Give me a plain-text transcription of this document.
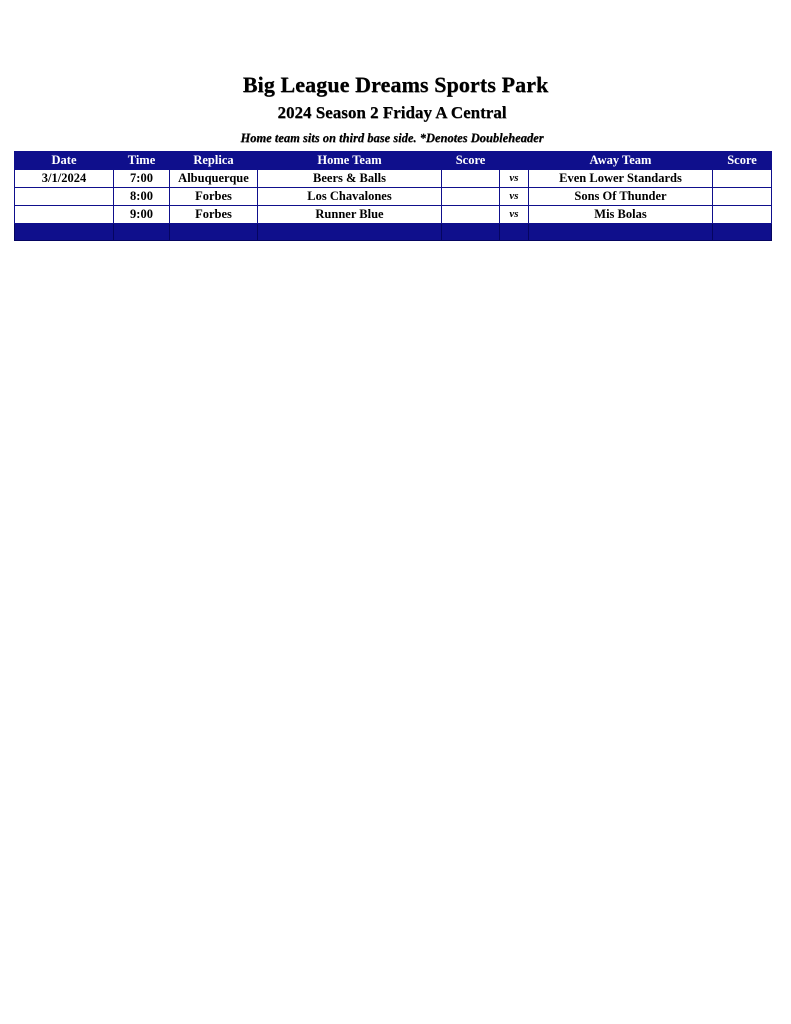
Big League Dreams Sports Park
2024 Season 2 Friday A Central
Home team sits on third base side. *Denotes Doubleheader
Date	Time	Replica	Home Team	Score		Away Team	Score
3/1/2024	7:00	Albuquerque	Beers & Balls		vs	Even Lower Standards	
	8:00	Forbes	Los Chavalones		vs	Sons Of Thunder	
	9:00	Forbes	Runner Blue		vs	Mis Bolas	
